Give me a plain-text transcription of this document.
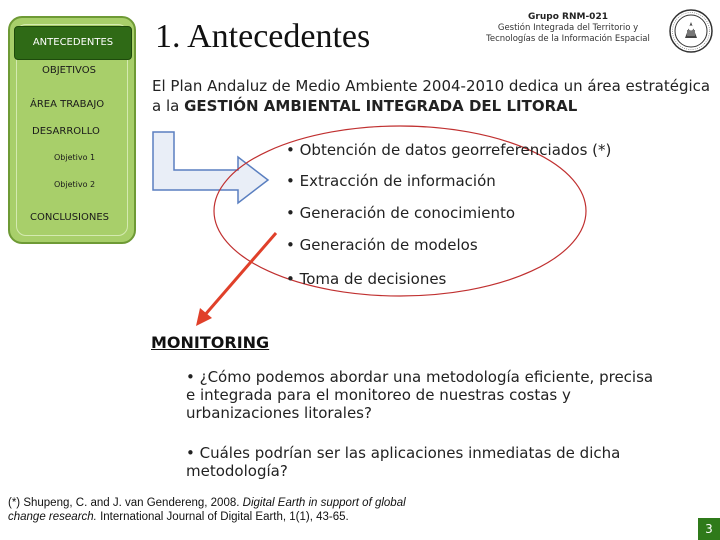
ANTECEDENTES
OBJETIVOS
ÁREA TRABAJO
DESARROLLO
Objetivo 1
Objetivo 2
CONCLUSIONES
1. Antecedentes
Grupo RNM-021
Gestión Integrada del Territorio y
Tecnologías de la Información Espacial
El Plan Andaluz de Medio Ambiente 2004-2010 dedica un área estratégica a la GESTIÓN AMBIENTAL INTEGRADA DEL LITORAL
• Obtención de datos georreferenciados (*)
• Extracción de información
• Generación de conocimiento
• Generación de modelos
• Toma de decisiones
MONITORING
• ¿Cómo podemos abordar una metodología eficiente, precisa e integrada para el monitoreo de nuestras costas y urbanizaciones litorales?
• Cuáles podrían ser las aplicaciones inmediatas de dicha metodología?
(*) Shupeng, C. and J. van Gendereng, 2008. Digital Earth in support of global change research. International Journal of Digital Earth, 1(1), 43-65.
3
